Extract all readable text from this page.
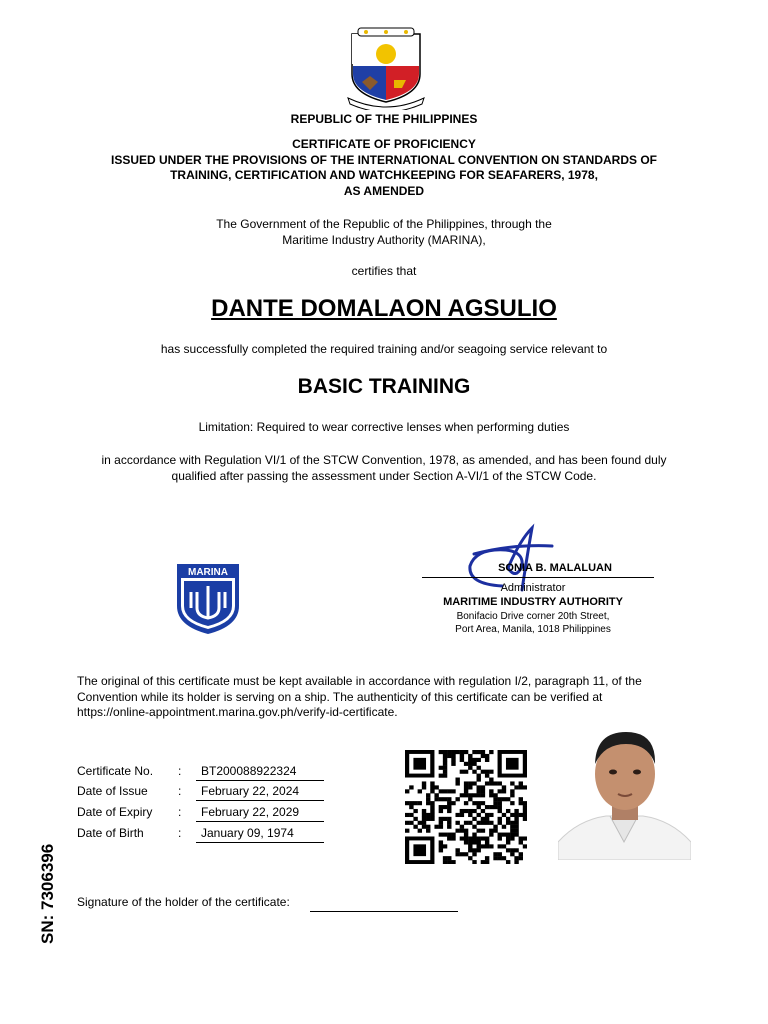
REPUBLIC OF THE PHILIPPINES
CERTIFICATE OF PROFICIENCY
ISSUED UNDER THE PROVISIONS OF THE INTERNATIONAL CONVENTION ON STANDARDS OF
TRAINING, CERTIFICATION AND WATCHKEEPING FOR SEAFARERS, 1978,
AS AMENDED
The Government of the Republic of the Philippines, through the
Maritime Industry Authority (MARINA),
certifies that
DANTE DOMALAON AGSULIO
has successfully completed the required training and/or seagoing service relevant to
BASIC TRAINING
Limitation: Required to wear corrective lenses when performing duties
in accordance with Regulation VI/1 of the STCW Convention, 1978, as amended, and has been found duly
qualified after passing the assessment under Section A-VI/1 of the STCW Code.
MARINA	SONIA B. MALALUAN
Administrator
MARITIME INDUSTRY AUTHORITY
Bonifacio Drive corner 20th Street,
Port Area, Manila, 1018 Philippines
The original of this certificate must be kept available in accordance with regulation I/2, paragraph 11, of the
Convention while its holder is serving on a ship. The authenticity of this certificate can be verified at
https://online-appointment.marina.gov.ph/verify-id-certificate.
Certificate No. : BT200088922324
Date of Issue	: February 22, 2024
Date of Expiry : February 22, 2029
Date of Birth	: January 09, 1974
Signature of the holder of the certificate:
SN: 7306396
